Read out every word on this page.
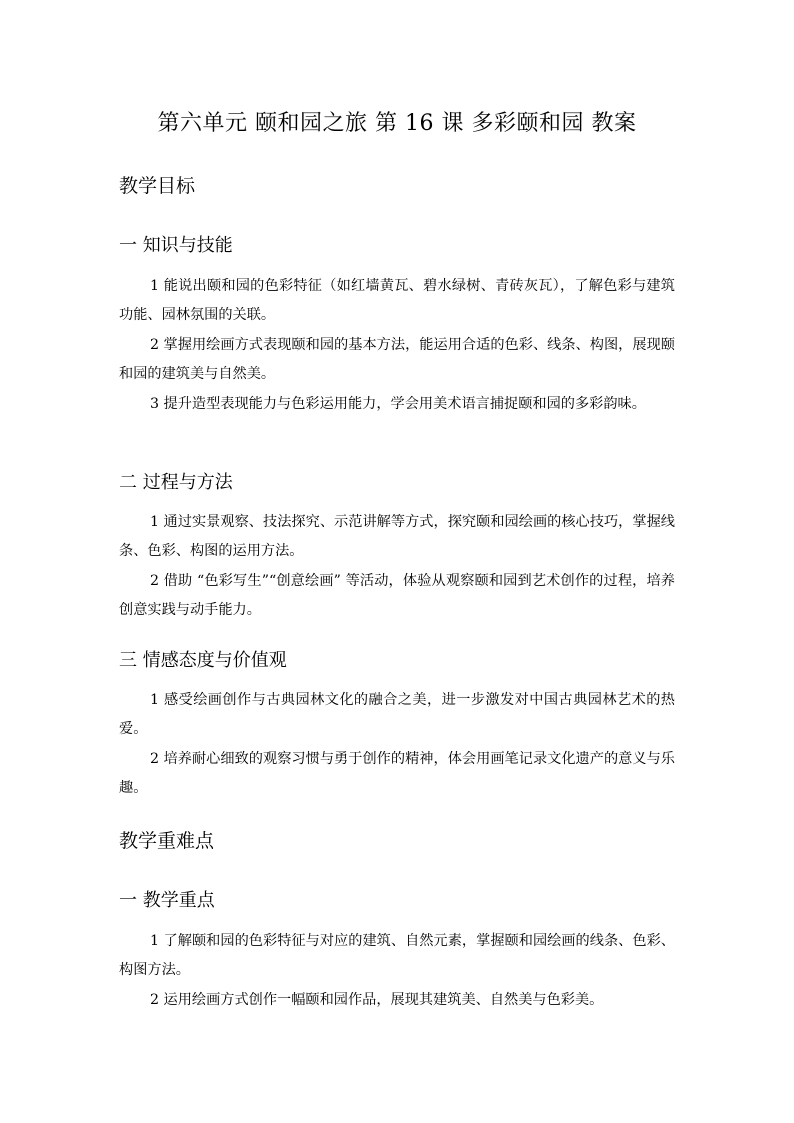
第六单元 颐和园之旅 第 16 课 多彩颐和园 教案
教学目标
一 知识与技能
1 能说出颐和园的色彩特征（如红墙黄瓦、碧水绿树、青砖灰瓦），了解色彩与建筑功能、园林氛围的关联。
2 掌握用绘画方式表现颐和园的基本方法，能运用合适的色彩、线条、构图，展现颐和园的建筑美与自然美。
3 提升造型表现能力与色彩运用能力，学会用美术语言捕捉颐和园的多彩韵味。
二 过程与方法
1 通过实景观察、技法探究、示范讲解等方式，探究颐和园绘画的核心技巧，掌握线条、色彩、构图的运用方法。
2 借助 “色彩写生”“创意绘画” 等活动，体验从观察颐和园到艺术创作的过程，培养创意实践与动手能力。
三 情感态度与价值观
1 感受绘画创作与古典园林文化的融合之美，进一步激发对中国古典园林艺术的热爱。
2 培养耐心细致的观察习惯与勇于创作的精神，体会用画笔记录文化遗产的意义与乐趣。
教学重难点
一 教学重点
1 了解颐和园的色彩特征与对应的建筑、自然元素，掌握颐和园绘画的线条、色彩、构图方法。
2 运用绘画方式创作一幅颐和园作品，展现其建筑美、自然美与色彩美。
